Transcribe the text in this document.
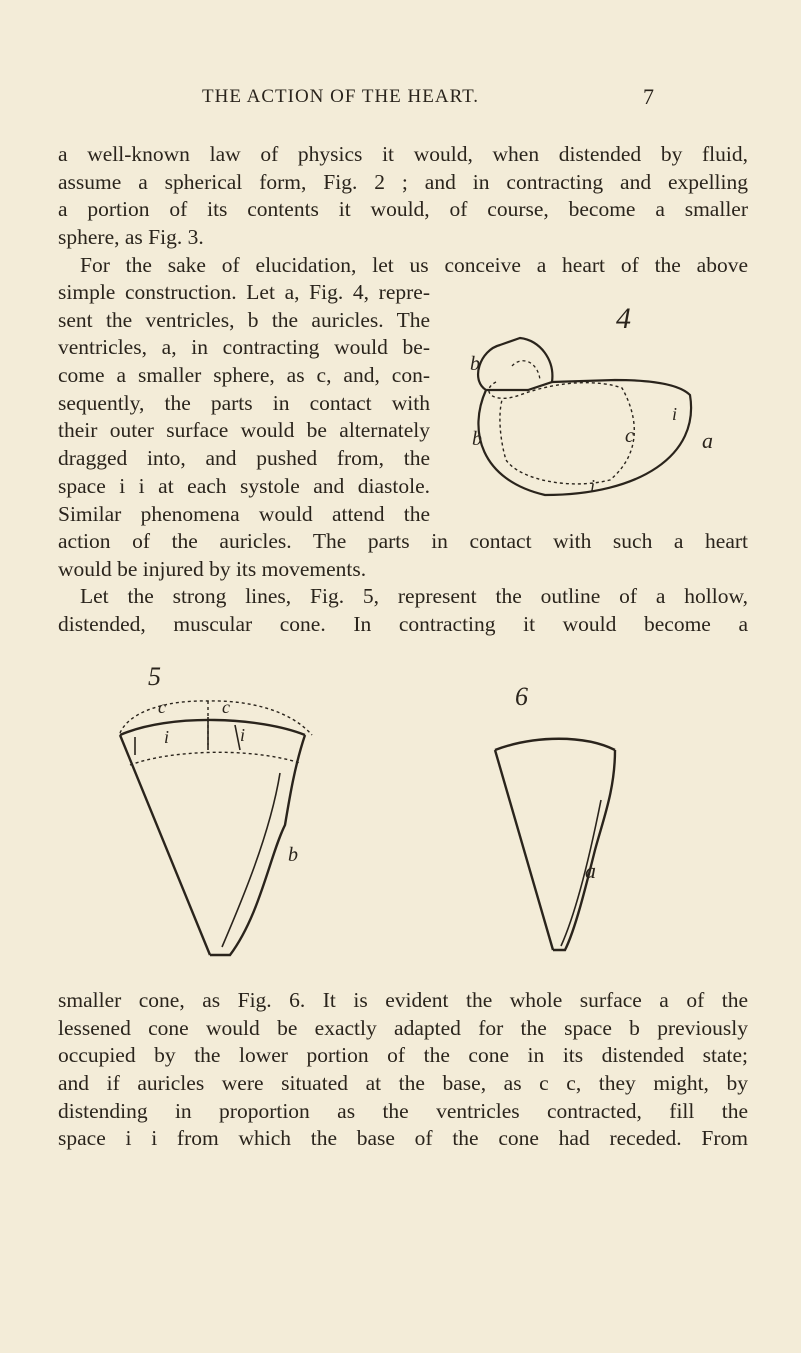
THE ACTION OF THE HEART.	7
a well-known law of physics it would, when distended by fluid,
assume a spherical form, Fig. 2 ; and in contracting and expelling
a portion of its contents it would, of course, become a smaller
sphere, as Fig. 3.
For the sake of elucidation, let us conceive a heart of the above
simple construction. Let a, Fig. 4, repre-
sent the ventricles, b the auricles. The
ventricles, a, in contracting would be-
come a smaller sphere, as c, and, con-
sequently, the parts in contact with
their outer surface would be alternately
dragged into, and pushed from, the
space i i at each systole and diastole.
Similar phenomena would attend the
action of the auricles. The parts in contact with such a heart
would be injured by its movements.
Let the strong lines, Fig. 5, represent the outline of a hollow,
distended, muscular cone. In contracting it would become a
4
b
b	c
i
i
a
5
c	c
i	i
b
6
a
smaller cone, as Fig. 6. It is evident the whole surface a of the
lessened cone would be exactly adapted for the space b previously
occupied by the lower portion of the cone in its distended state;
and if auricles were situated at the base, as c c, they might, by
distending in proportion as the ventricles contracted, fill the
space i i from which the base of the cone had receded. From
